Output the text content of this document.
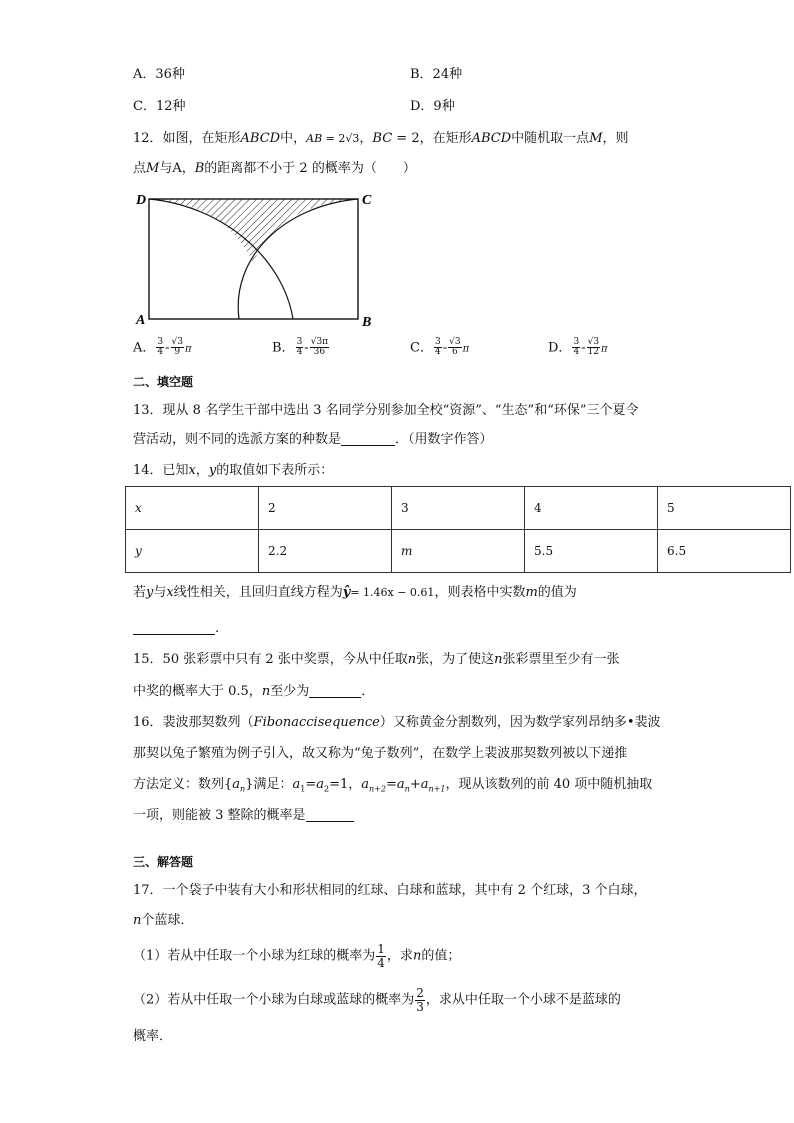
A．36种	B．24种
C．12种	D．9种
12．如图，在矩形ABCD中，AB = 2√3，BC = 2，在矩形ABCD中随机取一点M，则
点M与A，B的距离都不小于 2 的概率为（　　）
D	C
A	B
A． $\frac{3}{4} - \frac{√3}{9}$ π	B． $\frac{3}{4} - \frac{√3\pi}{36}$	C． $\frac{3}{4} - \frac{√3}{6}$ π	D． $\frac{3}{4} - \frac{√3}{12}$ π
二、填空题
13．现从 8 名学生干部中选出 3 名同学分别参加全校“资源”、“生态”和“环保”三个夏令
营活动，则不同的选派方案的种数是	．（用数字作答）
14．已知x，y的取值如下表所示：
x	2	3	4	5
y	2.2	m	5.5	6.5
若y与x线性相关，且回归直线方程为ŷ= 1.46x − 0.61，则表格中实数m的值为
.
15．50 张彩票中只有 2 张中奖票，今从中任取n张，为了使这n张彩票里至少有一张
中奖的概率大于 0.5，n至少为	．
16．裴波那契数列（Fibonaccisequence）又称黄金分割数列，因为数学家列昂纳多•裴波
那契以兔子繁殖为例子引入，故又称为“兔子数列”，在数学上裴波那契数列被以下递推
方法定义：数列$\{a_n\}$满足：$a_1=a_2=1$，$a_{n+2}=a_n+a_{n+1}$，现从该数列的前 40 项中随机抽取
一项，则能被 3 整除的概率是
三、解答题
17．一个袋子中装有大小和形状相同的红球、白球和蓝球，其中有 2 个红球，3 个白球，
n个蓝球．
（1）若从中任取一个小球为红球的概率为 $\frac{1}{4}$ ，求n的值；
（2）若从中任取一个小球为白球或蓝球的概率为 $\frac{2}{3}$ ，求从中任取一个小球不是蓝球的
概率．
